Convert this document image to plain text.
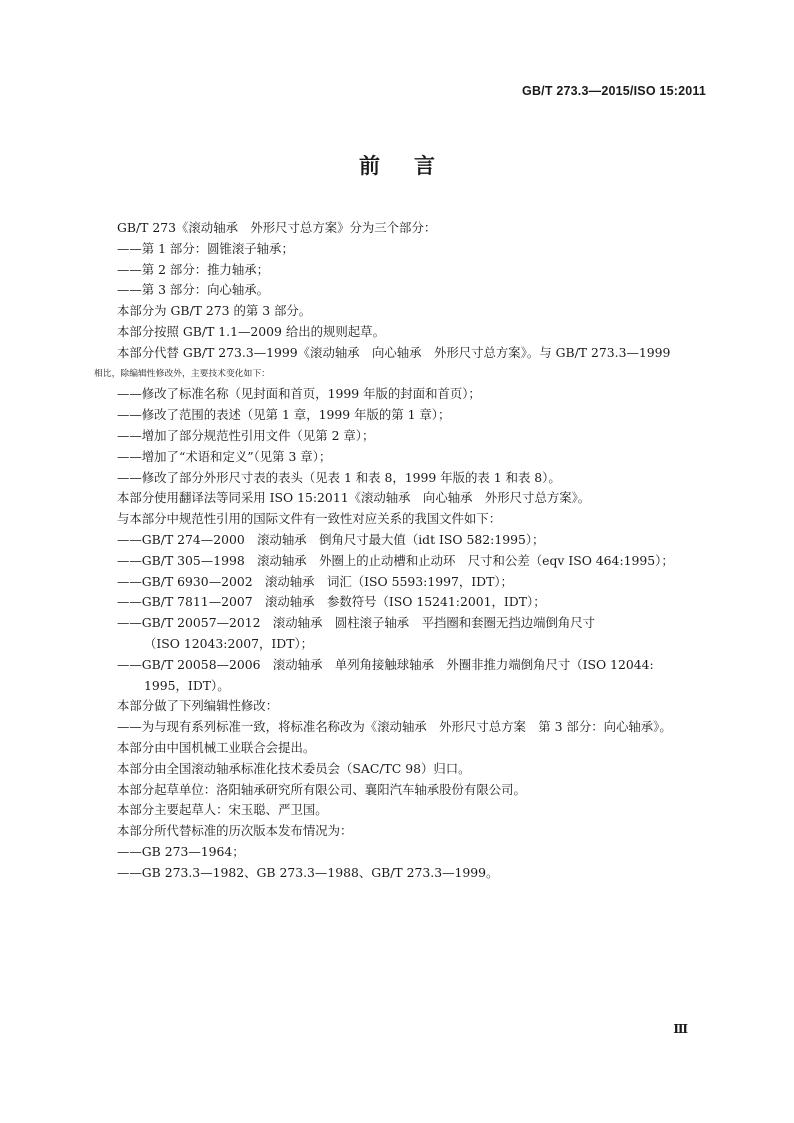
GB/T 273.3—2015/ISO 15:2011
前言
GB/T 273《滚动轴承　外形尺寸总方案》分为三个部分：
——第 1 部分：圆锥滚子轴承；
——第 2 部分：推力轴承；
——第 3 部分：向心轴承。
本部分为 GB/T 273 的第 3 部分。
本部分按照 GB/T 1.1—2009 给出的规则起草。
本部分代替 GB/T 273.3—1999《滚动轴承　向心轴承　外形尺寸总方案》。与 GB/T 273.3—1999
相比，除编辑性修改外，主要技术变化如下：
——修改了标准名称（见封面和首页，1999 年版的封面和首页）；
——修改了范围的表述（见第 1 章，1999 年版的第 1 章）；
——增加了部分规范性引用文件（见第 2 章）；
——增加了“术语和定义”（见第 3 章）；
——修改了部分外形尺寸表的表头（见表 1 和表 8，1999 年版的表 1 和表 8）。
本部分使用翻译法等同采用 ISO 15:2011《滚动轴承　向心轴承　外形尺寸总方案》。
与本部分中规范性引用的国际文件有一致性对应关系的我国文件如下：
——GB/T 274—2000　滚动轴承　倒角尺寸最大值（idt ISO 582:1995）；
——GB/T 305—1998　滚动轴承　外圈上的止动槽和止动环　尺寸和公差（eqv ISO 464:1995）；
——GB/T 6930—2002　滚动轴承　词汇（ISO 5593:1997，IDT）；
——GB/T 7811—2007　滚动轴承　参数符号（ISO 15241:2001，IDT）；
——GB/T 20057—2012　滚动轴承　圆柱滚子轴承　平挡圈和套圈无挡边端倒角尺寸
（ISO 12043:2007，IDT）；
——GB/T 20058—2006　滚动轴承　单列角接触球轴承　外圈非推力端倒角尺寸（ISO 12044:
1995，IDT）。
本部分做了下列编辑性修改：
——为与现有系列标准一致，将标准名称改为《滚动轴承　外形尺寸总方案　第 3 部分：向心轴承》。
本部分由中国机械工业联合会提出。
本部分由全国滚动轴承标准化技术委员会（SAC/TC 98）归口。
本部分起草单位：洛阳轴承研究所有限公司、襄阳汽车轴承股份有限公司。
本部分主要起草人：宋玉聪、严卫国。
本部分所代替标准的历次版本发布情况为：
——GB 273—1964；
——GB 273.3—1982、GB 273.3—1988、GB/T 273.3—1999。
Ⅲ
